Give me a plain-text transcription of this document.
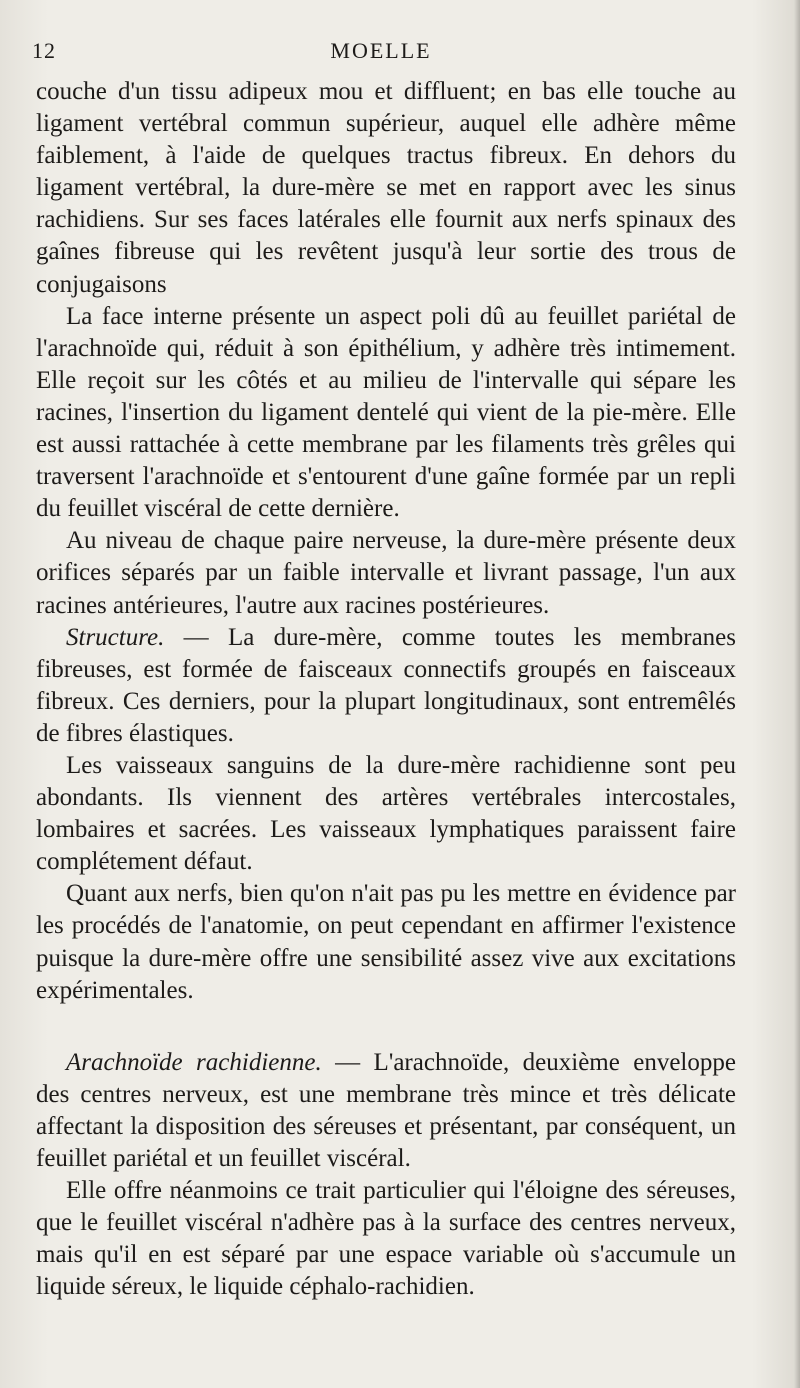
12	MOELLE

couche d'un tissu adipeux mou et diffluent; en bas elle touche au ligament vertébral commun supérieur, auquel elle adhère même faiblement, à l'aide de quelques tractus fibreux. En dehors du ligament vertébral, la dure-mère se met en rapport avec les sinus rachidiens. Sur ses faces latérales elle fournit aux nerfs spinaux des gaînes fibreuse qui les revêtent jusqu'à leur sortie des trous de conjugaisons

La face interne présente un aspect poli dû au feuillet pariétal de l'arachnoïde qui, réduit à son épithélium, y adhère très intimement. Elle reçoit sur les côtés et au milieu de l'intervalle qui sépare les racines, l'insertion du ligament dentelé qui vient de la pie-mère. Elle est aussi rattachée à cette membrane par les filaments très grêles qui traversent l'arachnoïde et s'entourent d'une gaîne formée par un repli du feuillet viscéral de cette dernière.

Au niveau de chaque paire nerveuse, la dure-mère présente deux orifices séparés par un faible intervalle et livrant passage, l'un aux racines antérieures, l'autre aux racines postérieures.

Structure. — La dure-mère, comme toutes les membranes fibreuses, est formée de faisceaux connectifs groupés en faisceaux fibreux. Ces derniers, pour la plupart longitudinaux, sont entremêlés de fibres élastiques.

Les vaisseaux sanguins de la dure-mère rachidienne sont peu abondants. Ils viennent des artères vertébrales intercostales, lombaires et sacrées. Les vaisseaux lymphatiques paraissent faire complétement défaut.

Quant aux nerfs, bien qu'on n'ait pas pu les mettre en évidence par les procédés de l'anatomie, on peut cependant en affirmer l'existence puisque la dure-mère offre une sensibilité assez vive aux excitations expérimentales.

Arachnoïde rachidienne. — L'arachnoïde, deuxième enveloppe des centres nerveux, est une membrane très mince et très délicate affectant la disposition des séreuses et présentant, par conséquent, un feuillet pariétal et un feuillet viscéral.

Elle offre néanmoins ce trait particulier qui l'éloigne des séreuses, que le feuillet viscéral n'adhère pas à la surface des centres nerveux, mais qu'il en est séparé par une espace variable où s'accumule un liquide séreux, le liquide céphalo-rachidien.
